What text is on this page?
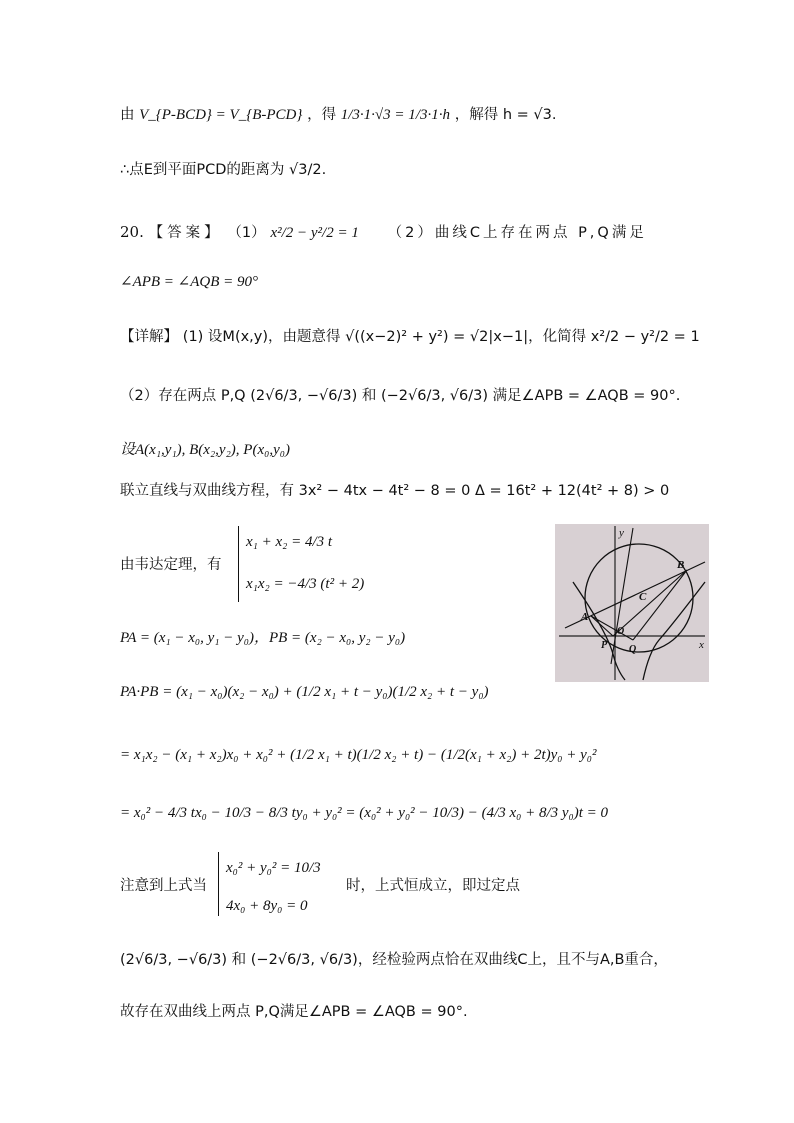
由 V_{P-BCD} = V_{B-PCD} ，得 1/3·1·√3 = 1/3·1·h ，解得 h = √3.
∴点E到平面PCD的距离为 √3/2.
20. 【答案】 （1） x²/2 − y²/2 = 1 （2）曲线C上存在两点 P,Q满足
∠APB = ∠AQB = 90°
【详解】 (1) 设M(x,y)，由题意得 √((x−2)² + y²) = √2|x−1|，化简得 x²/2 − y²/2 = 1
（2）存在两点 P,Q (2√6/3, −√6/3) 和 (−2√6/3, √6/3) 满足∠APB = ∠AQB = 90°.
设A(x₁,y₁), B(x₂,y₂), P(x₀,y₀)
联立直线与双曲线方程，有 3x² − 4tx − 4t² − 8 = 0 Δ = 16t² + 12(4t² + 8) > 0
由韦达定理，有
x₁ + x₂ = 4/3 t
x₁x₂ = −4/3 (t² + 2)
y
x
A
B
C
P
O
Q
PA = (x₁ − x₀, y₁ − y₀)，PB = (x₂ − x₀, y₂ − y₀)
PA·PB = (x₁ − x₀)(x₂ − x₀) + (1/2 x₁ + t − y₀)(1/2 x₂ + t − y₀)
= x₁x₂ − (x₁ + x₂)x₀ + x₀² + (1/2 x₁ + t)(1/2 x₂ + t) − (1/2(x₁ + x₂) + 2t)y₀ + y₀²
= x₀² − 4/3 tx₀ − 10/3 − 8/3 ty₀ + y₀² = (x₀² + y₀² − 10/3) − (4/3 x₀ + 8/3 y₀)t = 0
注意到上式当
x₀² + y₀² = 10/3
4x₀ + 8y₀ = 0
时，上式恒成立，即过定点
(2√6/3, −√6/3) 和 (−2√6/3, √6/3)，经检验两点恰在双曲线C上，且不与A,B重合，
故存在双曲线上两点 P,Q满足∠APB = ∠AQB = 90°.
